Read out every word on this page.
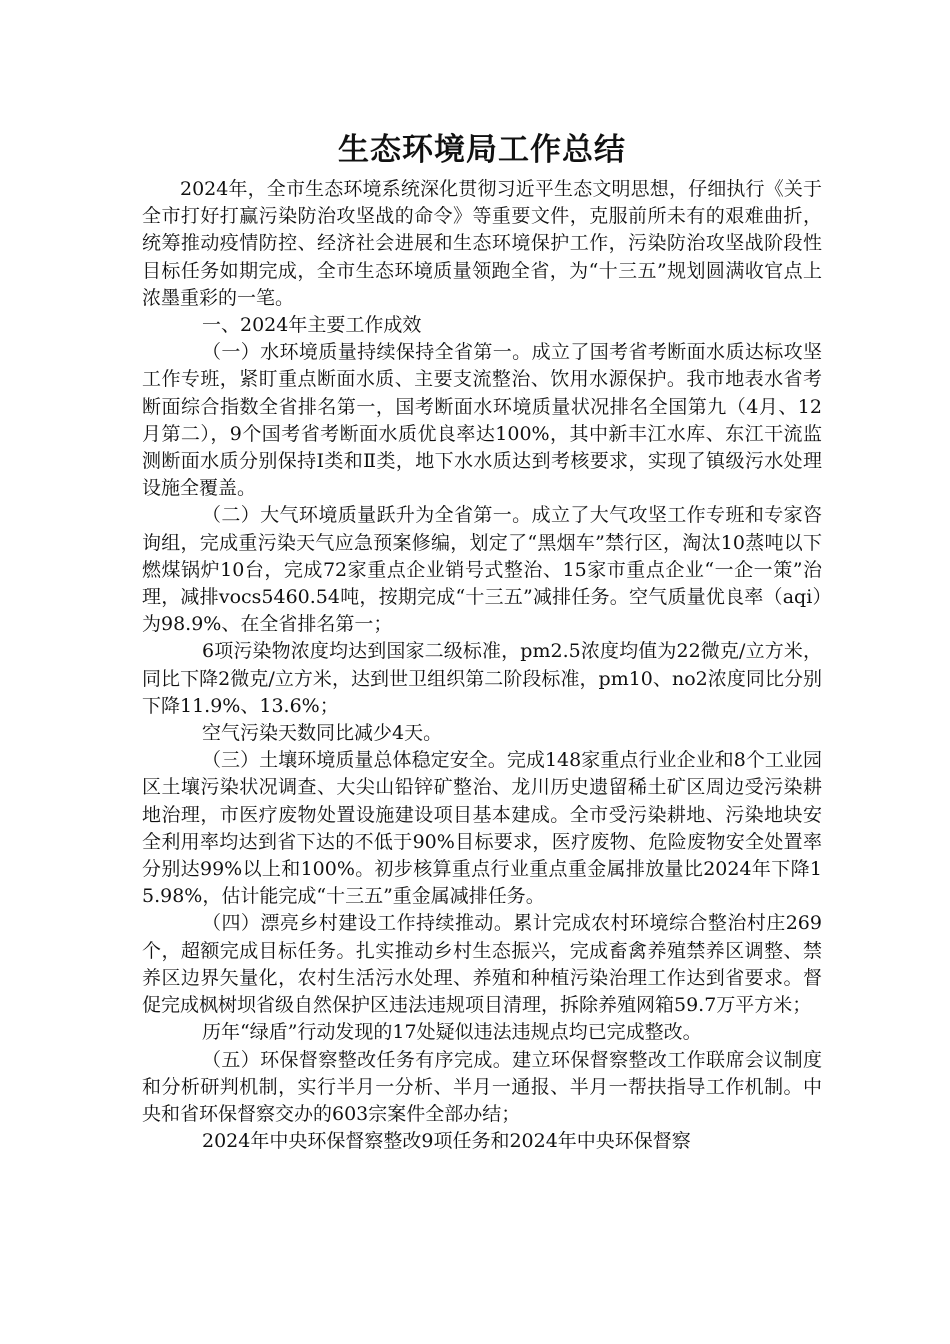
生态环境局工作总结

2024年，全市生态环境系统深化贯彻习近平生态文明思想，仔细执行《关于全市打好打赢污染防治攻坚战的命令》等重要文件，克服前所未有的艰难曲折，统筹推动疫情防控、经济社会进展和生态环境保护工作，污染防治攻坚战阶段性目标任务如期完成，全市生态环境质量领跑全省，为“十三五”规划圆满收官点上浓墨重彩的一笔。

一、2024年主要工作成效

（一）水环境质量持续保持全省第一。成立了国考省考断面水质达标攻坚工作专班，紧盯重点断面水质、主要支流整治、饮用水源保护。我市地表水省考断面综合指数全省排名第一，国考断面水环境质量状况排名全国第九（4月、12月第二），9个国考省考断面水质优良率达100%，其中新丰江水库、东江干流监测断面水质分别保持Ⅰ类和Ⅱ类，地下水水质达到考核要求，实现了镇级污水处理设施全覆盖。

（二）大气环境质量跃升为全省第一。成立了大气攻坚工作专班和专家咨询组，完成重污染天气应急预案修编，划定了“黑烟车”禁行区，淘汰10蒸吨以下燃煤锅炉10台，完成72家重点企业销号式整治、15家市重点企业“一企一策”治理，减排vocs5460.54吨，按期完成“十三五”减排任务。空气质量优良率（aqi）为98.9%、在全省排名第一；

6项污染物浓度均达到国家二级标准，pm2.5浓度均值为22微克/立方米，同比下降2微克/立方米，达到世卫组织第二阶段标准，pm10、no2浓度同比分别下降11.9%、13.6%；

空气污染天数同比减少4天。

（三）土壤环境质量总体稳定安全。完成148家重点行业企业和8个工业园区土壤污染状况调查、大尖山铅锌矿整治、龙川历史遗留稀土矿区周边受污染耕地治理，市医疗废物处置设施建设项目基本建成。全市受污染耕地、污染地块安全利用率均达到省下达的不低于90%目标要求，医疗废物、危险废物安全处置率分别达99%以上和100%。初步核算重点行业重点重金属排放量比2024年下降15.98%，估计能完成“十三五”重金属减排任务。

（四）漂亮乡村建设工作持续推动。累计完成农村环境综合整治村庄269个，超额完成目标任务。扎实推动乡村生态振兴，完成畜禽养殖禁养区调整、禁养区边界矢量化，农村生活污水处理、养殖和种植污染治理工作达到省要求。督促完成枫树坝省级自然保护区违法违规项目清理，拆除养殖网箱59.7万平方米；

历年“绿盾”行动发现的17处疑似违法违规点均已完成整改。

（五）环保督察整改任务有序完成。建立环保督察整改工作联席会议制度和分析研判机制，实行半月一分析、半月一通报、半月一帮扶指导工作机制。中央和省环保督察交办的603宗案件全部办结；

2024年中央环保督察整改9项任务和2024年中央环保督察
